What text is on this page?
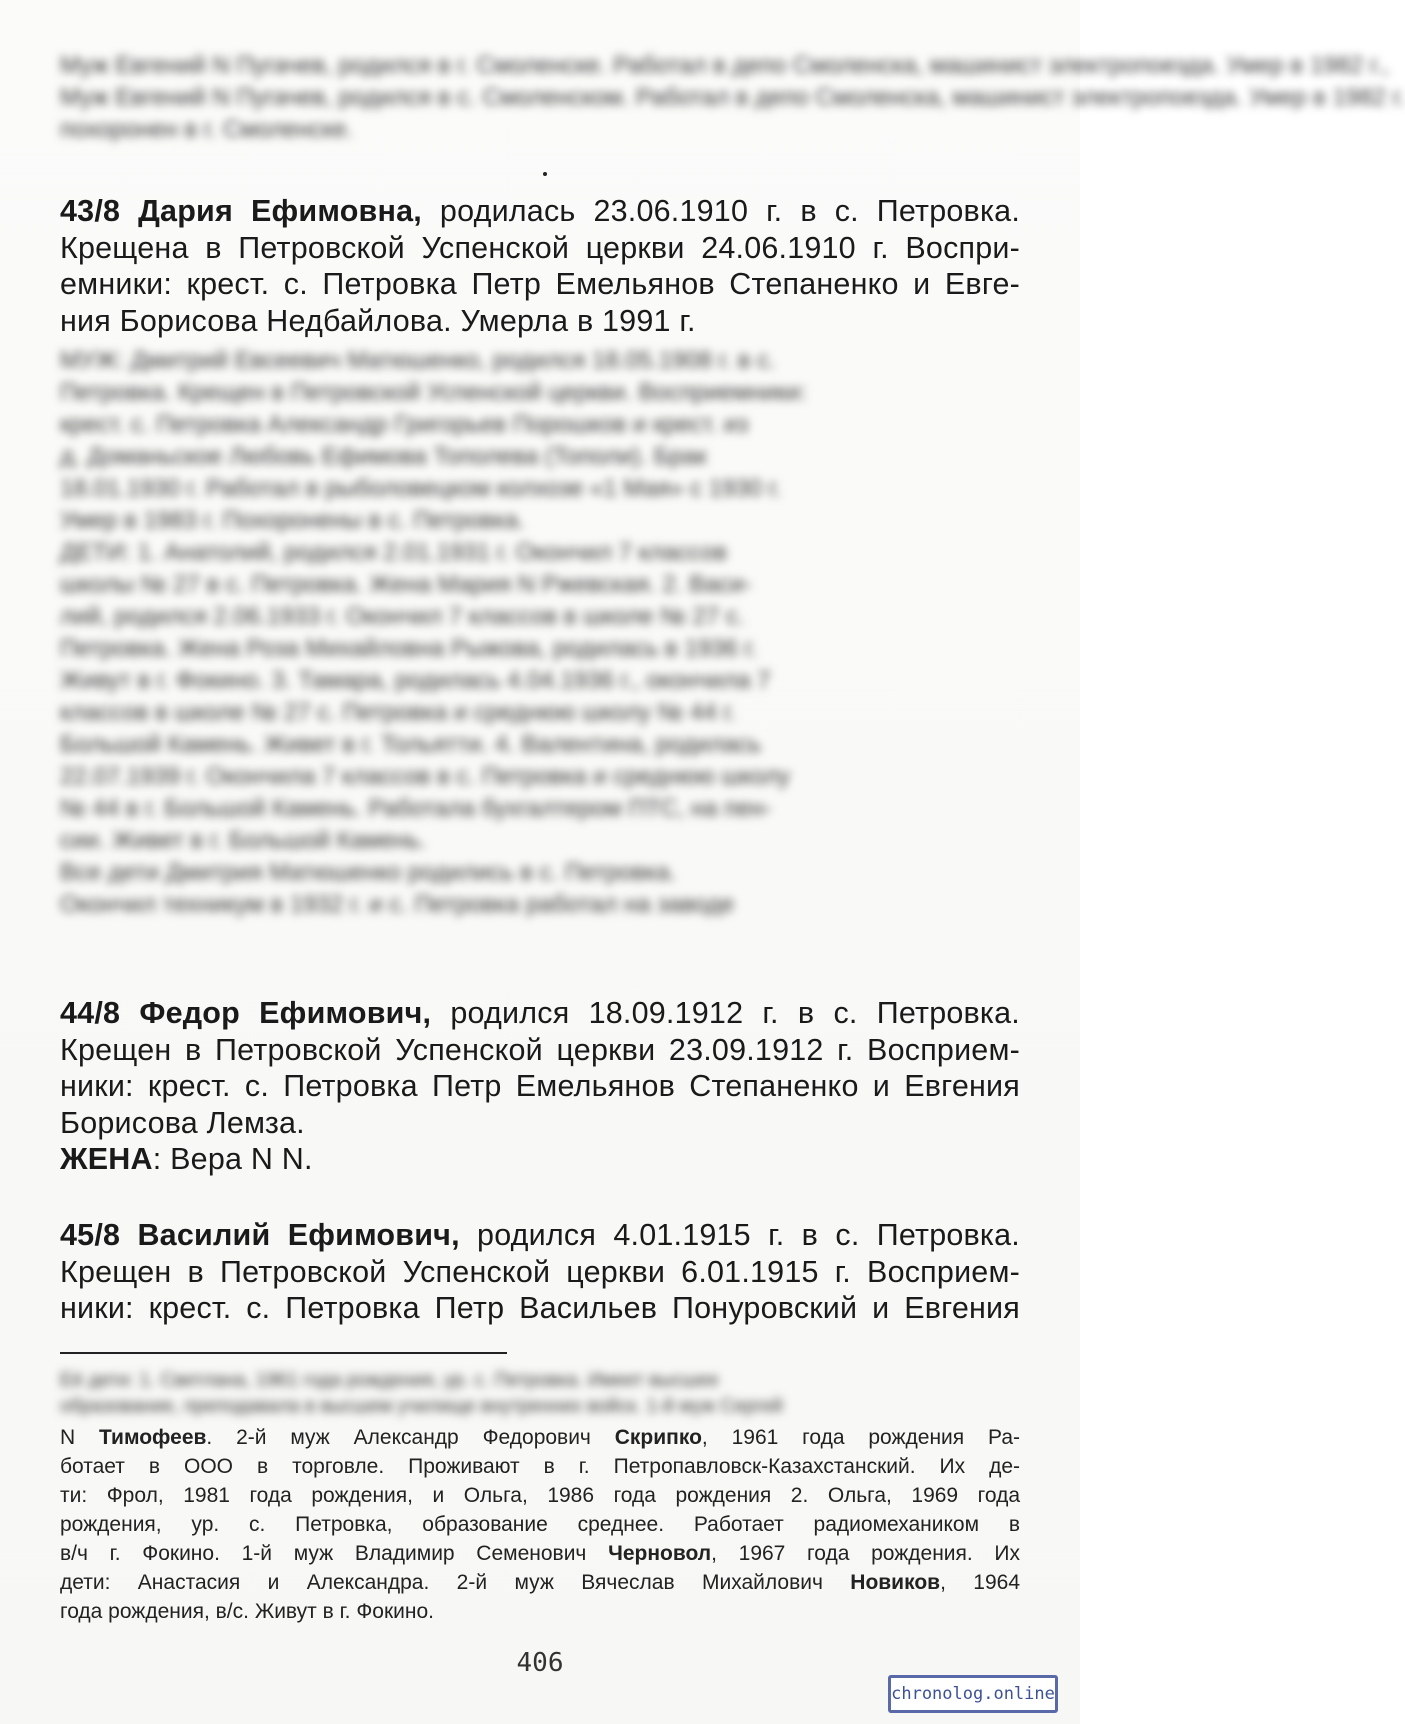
Муж Евгений N Пугачев, родился в г. Смоленске. Работал в депо Смоленска, машинист электропоезда. Умер в 1982 г.,
Муж Евгений N Пугачев, родился в с. Смоленском. Работал в депо Смоленска, машинист электропоезда. Умер в 1982 г.
похоронен в г. Смоленске.
43/8 Дария Ефимовна, родилась 23.06.1910 г. в с. Петровка.
Крещена в Петровской Успенской церкви 24.06.1910 г. Воспри-
емники: крест. с. Петровка Петр Емельянов Степаненко и Евге-
ния Борисова Недбайлова. Умерла в 1991 г.
МУЖ: Дмитрий Евсеевич Матюшенко, родился 18.05.1908 г. в с.
Петровка. Крещен в Петровской Успенской церкви. Восприемники:
крест. с. Петровка Александр Григорьев Порошков и крест. из
д. Доманьское Любовь Ефимова Тополева (Тополи). Брак
18.01.1930 г. Работал в рыболовецком колхозе «1 Мая» с 1930 г.
Умер в 1983 г. Похоронены в с. Петровка.
ДЕТИ: 1. Анатолий, родился 2.01.1931 г. Окончил 7 классов
школы № 27 в с. Петровка. Жена Мария N Ржевская. 2. Васи-
лий, родился 2.06.1933 г. Окончил 7 классов в школе № 27 с.
Петровка. Жена Роза Михайловна Рыжова, родилась в 1936 г.
Живут в г. Фокино. 3. Тамара, родилась 4.04.1936 г., окончила 7
классов в школе № 27 с. Петровка и среднюю школу № 44 г.
Большой Камень. Живет в г. Тольятти. 4. Валентина, родилась
22.07.1939 г. Окончила 7 классов в с. Петровка и среднюю школу
№ 44 в г. Большой Камень. Работала бухгалтером ПТС, на пен-
сии. Живет в г. Большой Камень.
Все дети Дмитрия Матюшенко родились в с. Петровка.
Окончил техникум в 1932 г. и с. Петровка работал на заводе
44/8 Федор Ефимович, родился 18.09.1912 г. в с. Петровка.
Крещен в Петровской Успенской церкви 23.09.1912 г. Восприем-
ники: крест. с. Петровка Петр Емельянов Степаненко и Евгения
Борисова Лемза.
ЖЕНА: Вера N N.
45/8 Василий Ефимович, родился 4.01.1915 г. в с. Петровка.
Крещен в Петровской Успенской церкви 6.01.1915 г. Восприем-
ники: крест. с. Петровка Петр Васильев Понуровский и Евгения
Её дети: 1. Светлана, 1961 года рождения, ур. с. Петровка. Имеет высшее
образование, преподавала в высшем училище внутренних войск. 1-й муж Сергей
N Тимофеев. 2-й муж Александр Федорович Скрипко, 1961 года рождения Ра-
ботает в ООО в торговле. Проживают в г. Петропавловск-Казахстанский. Их де-
ти: Фрол, 1981 года рождения, и Ольга, 1986 года рождения 2. Ольга, 1969 года
рождения, ур. с. Петровка, образование среднее. Работает радиомехаником в
в/ч г. Фокино. 1-й муж Владимир Семенович Черновол, 1967 года рождения. Их
дети: Анастасия и Александра. 2-й муж Вячеслав Михайлович Новиков, 1964
года рождения, в/с. Живут в г. Фокино.
406
chronolog.online
